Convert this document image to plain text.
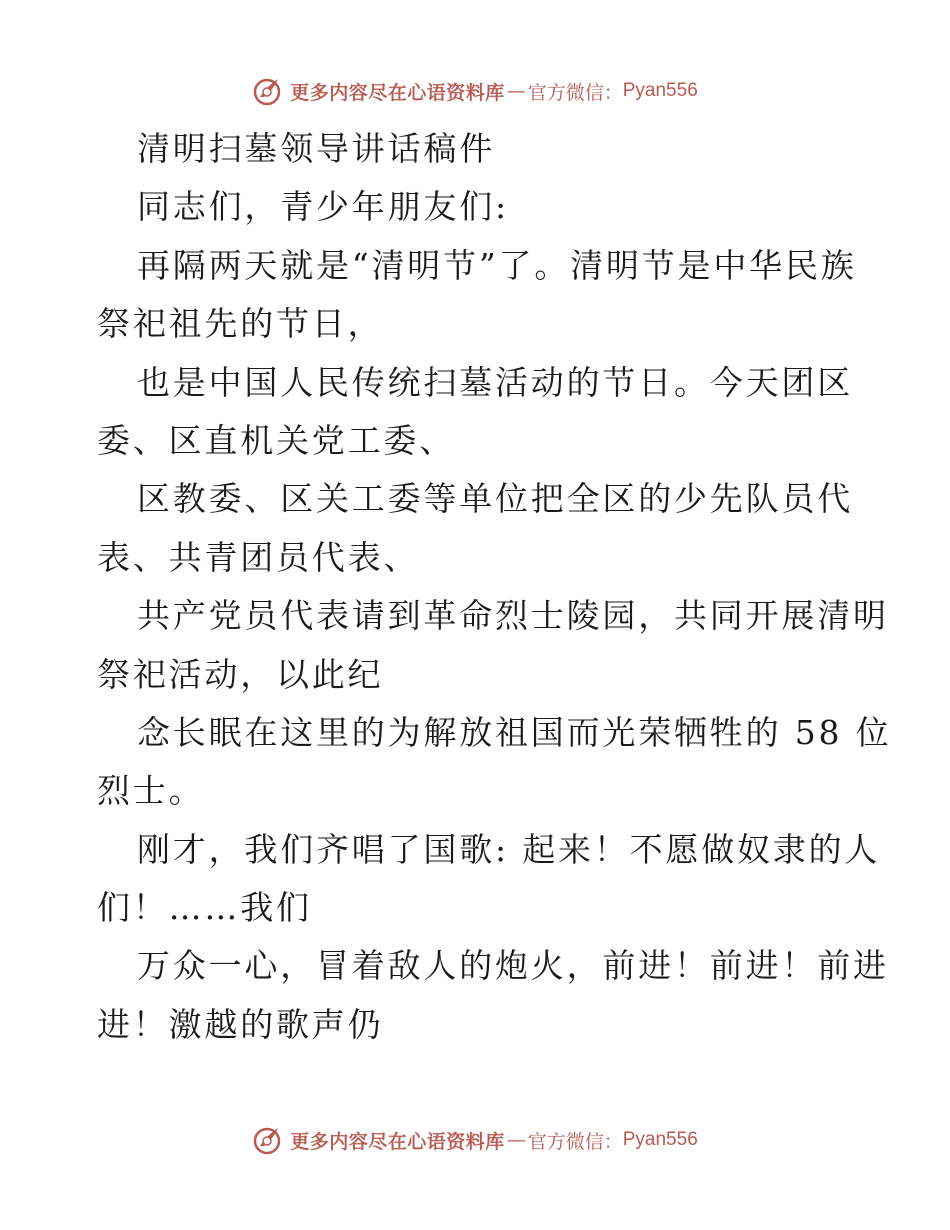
更多内容尽在心语资料库 — 官方微信： Pyan556
清明扫墓领导讲话稿件
同志们，青少年朋友们:
再隔两天就是“清明节”了。清明节是中华民族
祭祀祖先的节日，
也是中国人民传统扫墓活动的节日。今天团区
委、区直机关党工委、
区教委、区关工委等单位把全区的少先队员代
表、共青团员代表、
共产党员代表请到革命烈士陵园，共同开展清明
祭祀活动，以此纪
念长眠在这里的为解放祖国而光荣牺牲的 58 位
烈士。
刚才，我们齐唱了国歌: 起来！不愿做奴隶的人
们！……我们
万众一心，冒着敌人的炮火，前进！前进！前进
进！激越的歌声仍
更多内容尽在心语资料库 — 官方微信： Pyan556
